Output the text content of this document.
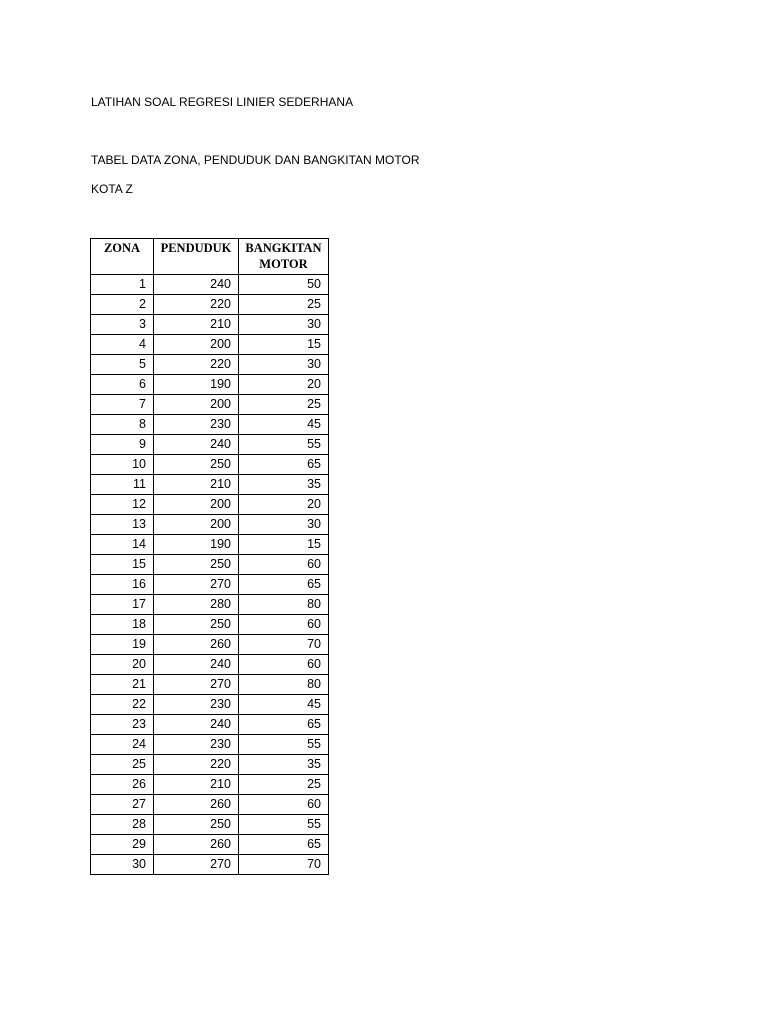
LATIHAN SOAL REGRESI LINIER SEDERHANA
TABEL DATA ZONA, PENDUDUK DAN BANGKITAN MOTOR
KOTA Z
ZONA	PENDUDUK	BANGKITAN MOTOR
1	240	50
2	220	25
3	210	30
4	200	15
5	220	30
6	190	20
7	200	25
8	230	45
9	240	55
10	250	65
11	210	35
12	200	20
13	200	30
14	190	15
15	250	60
16	270	65
17	280	80
18	250	60
19	260	70
20	240	60
21	270	80
22	230	45
23	240	65
24	230	55
25	220	35
26	210	25
27	260	60
28	250	55
29	260	65
30	270	70
